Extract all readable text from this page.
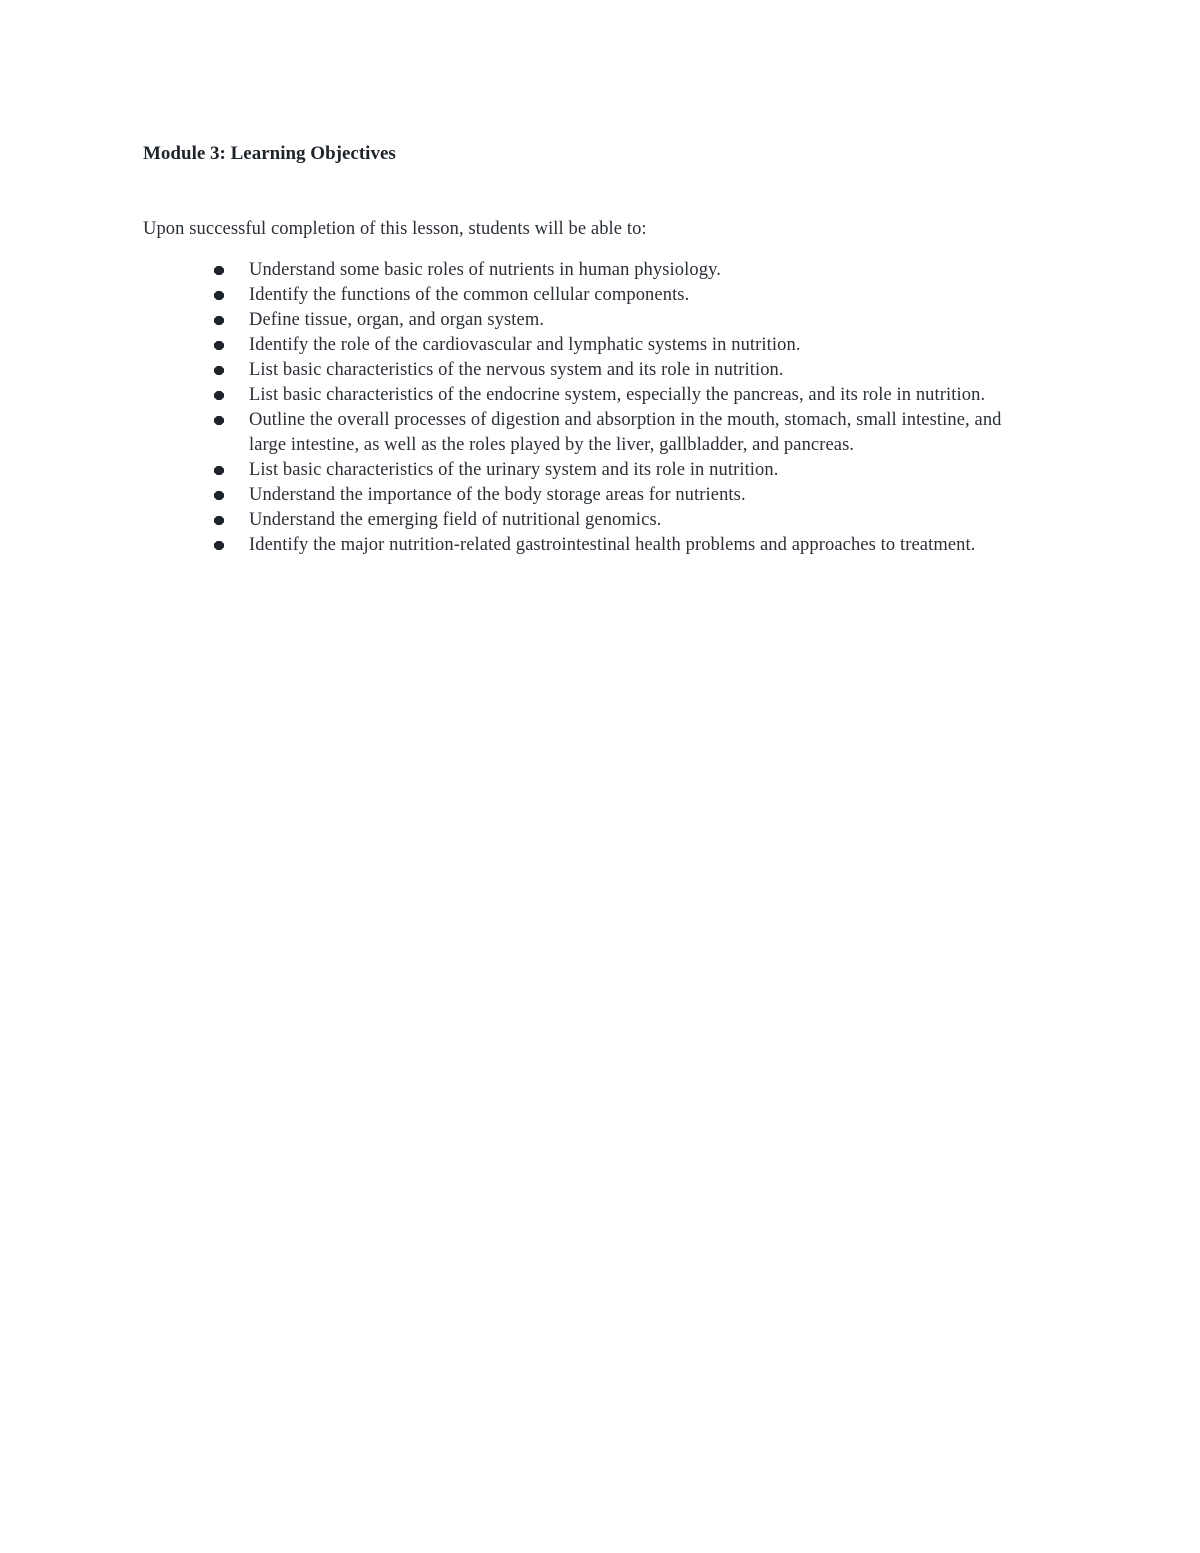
Module 3: Learning Objectives

Upon successful completion of this lesson, students will be able to:

Understand some basic roles of nutrients in human physiology.
Identify the functions of the common cellular components.
Define tissue, organ, and organ system.
Identify the role of the cardiovascular and lymphatic systems in nutrition.
List basic characteristics of the nervous system and its role in nutrition.
List basic characteristics of the endocrine system, especially the pancreas, and its role in nutrition.
Outline the overall processes of digestion and absorption in the mouth, stomach, small intestine, and large intestine, as well as the roles played by the liver, gallbladder, and pancreas.
List basic characteristics of the urinary system and its role in nutrition.
Understand the importance of the body storage areas for nutrients.
Understand the emerging field of nutritional genomics.
Identify the major nutrition-related gastrointestinal health problems and approaches to treatment.
